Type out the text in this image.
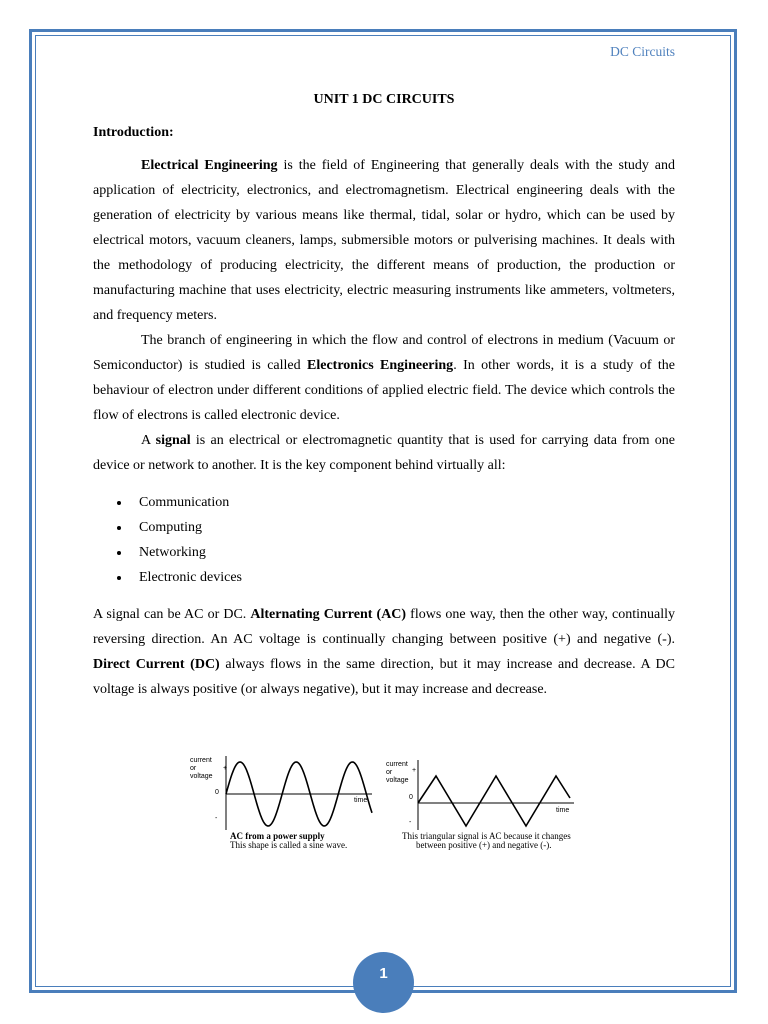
DC Circuits
UNIT 1 DC CIRCUITS
Introduction:

Electrical Engineering is the field of Engineering that generally deals with the study and application of electricity, electronics, and electromagnetism. Electrical engineering deals with the generation of electricity by various means like thermal, tidal, solar or hydro, which can be used by electrical motors, vacuum cleaners, lamps, submersible motors or pulverising machines. It deals with the methodology of producing electricity, the different means of production, the production or manufacturing machine that uses electricity, electric measuring instruments like ammeters, voltmeters, and frequency meters.

The branch of engineering in which the flow and control of electrons in medium (Vacuum or Semiconductor) is studied is called Electronics Engineering. In other words, it is a study of the behaviour of electron under different conditions of applied electric field. The device which controls the flow of electrons is called electronic device.

A signal is an electrical or electromagnetic quantity that is used for carrying data from one device or network to another. It is the key component behind virtually all:

Communication
Computing
Networking
Electronic devices

A signal can be AC or DC. Alternating Current (AC) flows one way, then the other way, continually reversing direction. An AC voltage is continually changing between positive (+) and negative (-). Direct Current (DC) always flows in the same direction, but it may increase and decrease. A DC voltage is always positive (or always negative), but it may increase and decrease.

current
or
voltage
+
0
-
time
AC from a power supply
This shape is called a sine wave.
current
or
voltage
+
0
-
time
This triangular signal is AC because it changes
between positive (+) and negative (-).
1
